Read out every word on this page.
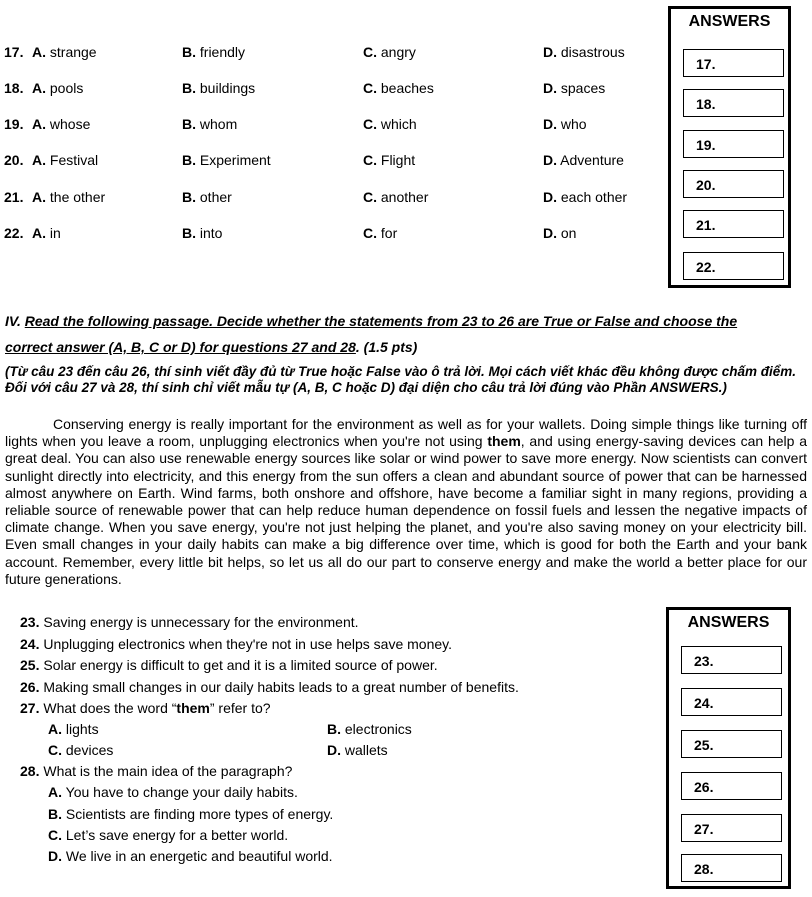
17. A. strange	B. friendly	C. angry	D. disastrous
18. A. pools	B. buildings	C. beaches	D. spaces
19. A. whose	B. whom	C. which	D. who
20. A. Festival	B. Experiment	C. Flight	D. Adventure
21. A. the other	B. other	C. another	D. each other
22. A. in	B. into	C. for	D. on
ANSWERS
17.
18.
19.
20.
21.
22.
IV. Read the following passage. Decide whether the statements from 23 to 26 are True or False and choose the
correct answer (A, B, C or D) for questions 27 and 28. (1.5 pts)
(Từ câu 23 đến câu 26, thí sinh viết đầy đủ từ True hoặc False vào ô trả lời. Mọi cách viết khác đều không được chấm điểm. Đối với câu 27 và 28, thí sinh chỉ viết mẫu tự (A, B, C hoặc D) đại diện cho câu trả lời đúng vào Phần ANSWERS.)

Conserving energy is really important for the environment as well as for your wallets. Doing simple things like turning off lights when you leave a room, unplugging electronics when you're not using them, and using energy-saving devices can help a great deal. You can also use renewable energy sources like solar or wind power to save more energy. Now scientists can convert sunlight directly into electricity, and this energy from the sun offers a clean and abundant source of power that can be harnessed almost anywhere on Earth. Wind farms, both onshore and offshore, have become a familiar sight in many regions, providing a reliable source of renewable power that can help reduce human dependence on fossil fuels and lessen the negative impacts of climate change. When you save energy, you're not just helping the planet, and you're also saving money on your electricity bill. Even small changes in your daily habits can make a big difference over time, which is good for both the Earth and your bank account. Remember, every little bit helps, so let us all do our part to conserve energy and make the world a better place for our future generations.

23. Saving energy is unnecessary for the environment.
24. Unplugging electronics when they're not in use helps save money.
25. Solar energy is difficult to get and it is a limited source of power.
26. Making small changes in our daily habits leads to a great number of benefits.
27. What does the word “them” refer to?
A. lights	B. electronics
C. devices	D. wallets
28. What is the main idea of the paragraph?
A. You have to change your daily habits.
B. Scientists are finding more types of energy.
C. Let’s save energy for a better world.
D. We live in an energetic and beautiful world.
ANSWERS
23.
24.
25.
26.
27.
28.
